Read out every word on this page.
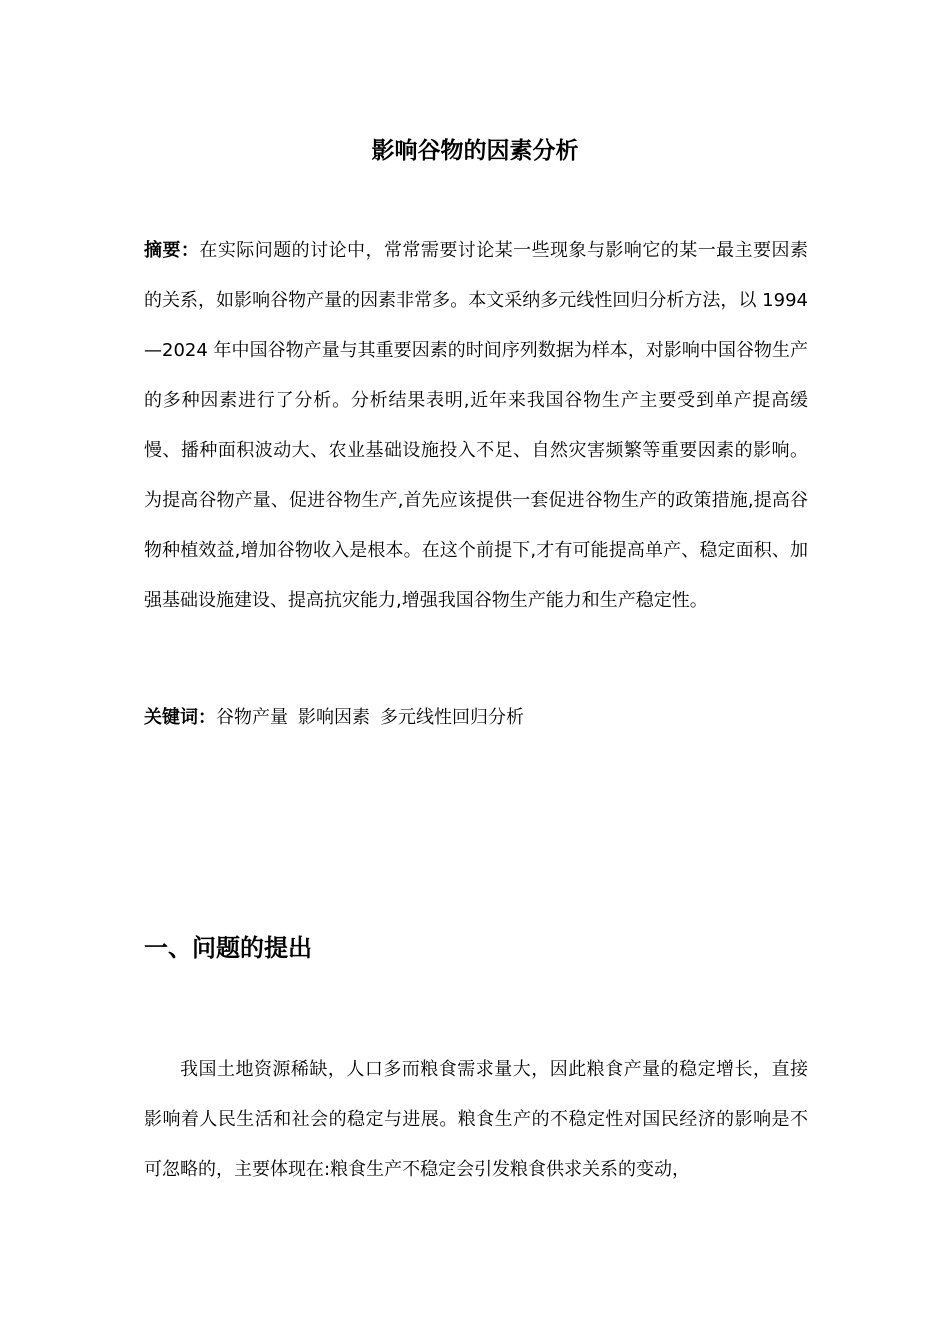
影响谷物的因素分析

摘要：在实际问题的讨论中，常常需要讨论某一些现象与影响它的某一最主要因素的关系，如影响谷物产量的因素非常多。本文采纳多元线性回归分析方法，以 1994—2024 年中国谷物产量与其重要因素的时间序列数据为样本，对影响中国谷物生产的多种因素进行了分析。分析结果表明,近年来我国谷物生产主要受到单产提高缓慢、播种面积波动大、农业基础设施投入不足、自然灾害频繁等重要因素的影响。为提高谷物产量、促进谷物生产,首先应该提供一套促进谷物生产的政策措施,提高谷物种植效益,增加谷物收入是根本。在这个前提下,才有可能提高单产、稳定面积、加强基础设施建设、提高抗灾能力,增强我国谷物生产能力和生产稳定性。

关键词：谷物产量 影响因素 多元线性回归分析

一、问题的提出

我国土地资源稀缺，人口多而粮食需求量大，因此粮食产量的稳定增长，直接影响着人民生活和社会的稳定与进展。粮食生产的不稳定性对国民经济的影响是不可忽略的，主要体现在:粮食生产不稳定会引发粮食供求关系的变动，
